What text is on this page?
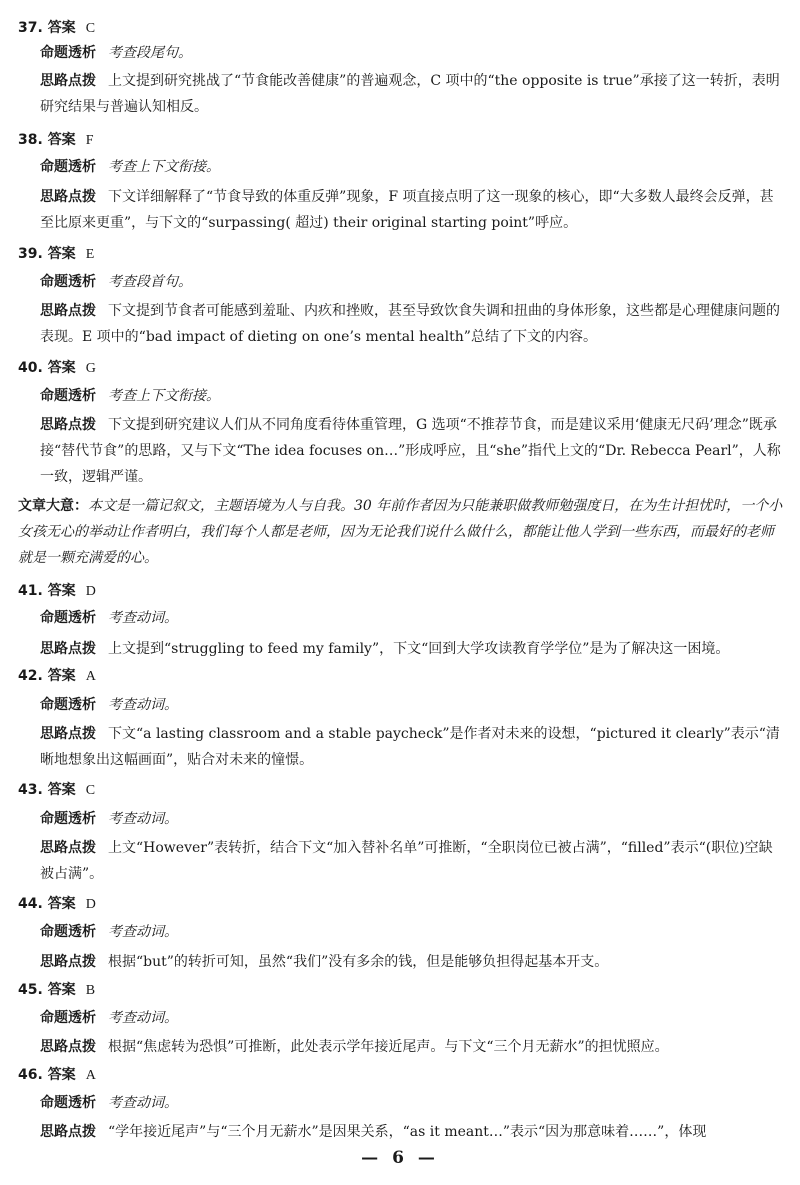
37. 答案 C
命题透析 考查段尾句。
思路点拨 上文提到研究挑战了“节食能改善健康”的普遍观念，C 项中的“the opposite is true”承接了这一转折，表明研究结果与普遍认知相反。
38. 答案 F
命题透析 考查上下文衔接。
思路点拨 下文详细解释了“节食导致的体重反弹”现象，F 项直接点明了这一现象的核心，即“大多数人最终会反弹，甚至比原来更重”，与下文的“surpassing( 超过) their original starting point”呼应。
39. 答案 E
命题透析 考查段首句。
思路点拨 下文提到节食者可能感到羞耻、内疚和挫败，甚至导致饮食失调和扭曲的身体形象，这些都是心理健康问题的表现。E 项中的“bad impact of dieting on one’s mental health”总结了下文的内容。
40. 答案 G
命题透析 考查上下文衔接。
思路点拨 下文提到研究建议人们从不同角度看待体重管理，G 选项“不推荐节食，而是建议采用‘健康无尺码’理念”既承接“替代节食”的思路，又与下文“The idea focuses on…”形成呼应，且“she”指代上文的“Dr. Rebecca Pearl”，人称一致，逻辑严谨。
文章大意：本文是一篇记叙文，主题语境为人与自我。30 年前作者因为只能兼职做教师勉强度日，在为生计担忧时，一个小女孩无心的举动让作者明白，我们每个人都是老师，因为无论我们说什么做什么，都能让他人学到一些东西，而最好的老师就是一颗充满爱的心。
41. 答案 D
命题透析 考查动词。
思路点拨 上文提到“struggling to feed my family”，下文“回到大学攻读教育学学位”是为了解决这一困境。
42. 答案 A
命题透析 考查动词。
思路点拨 下文“a lasting classroom and a stable paycheck”是作者对未来的设想，“pictured it clearly”表示“清晰地想象出这幅画面”，贴合对未来的憧憬。
43. 答案 C
命题透析 考查动词。
思路点拨 上文“However”表转折，结合下文“加入替补名单”可推断，“全职岗位已被占满”，“filled”表示“(职位)空缺被占满”。
44. 答案 D
命题透析 考查动词。
思路点拨 根据“but”的转折可知，虽然“我们”没有多余的钱，但是能够负担得起基本开支。
45. 答案 B
命题透析 考查动词。
思路点拨 根据“焦虑转为恐惧”可推断，此处表示学年接近尾声。与下文“三个月无薪水”的担忧照应。
46. 答案 A
命题透析 考查动词。
思路点拨 “学年接近尾声”与“三个月无薪水”是因果关系，“as it meant…”表示“因为那意味着……”，体现
— 6 —
